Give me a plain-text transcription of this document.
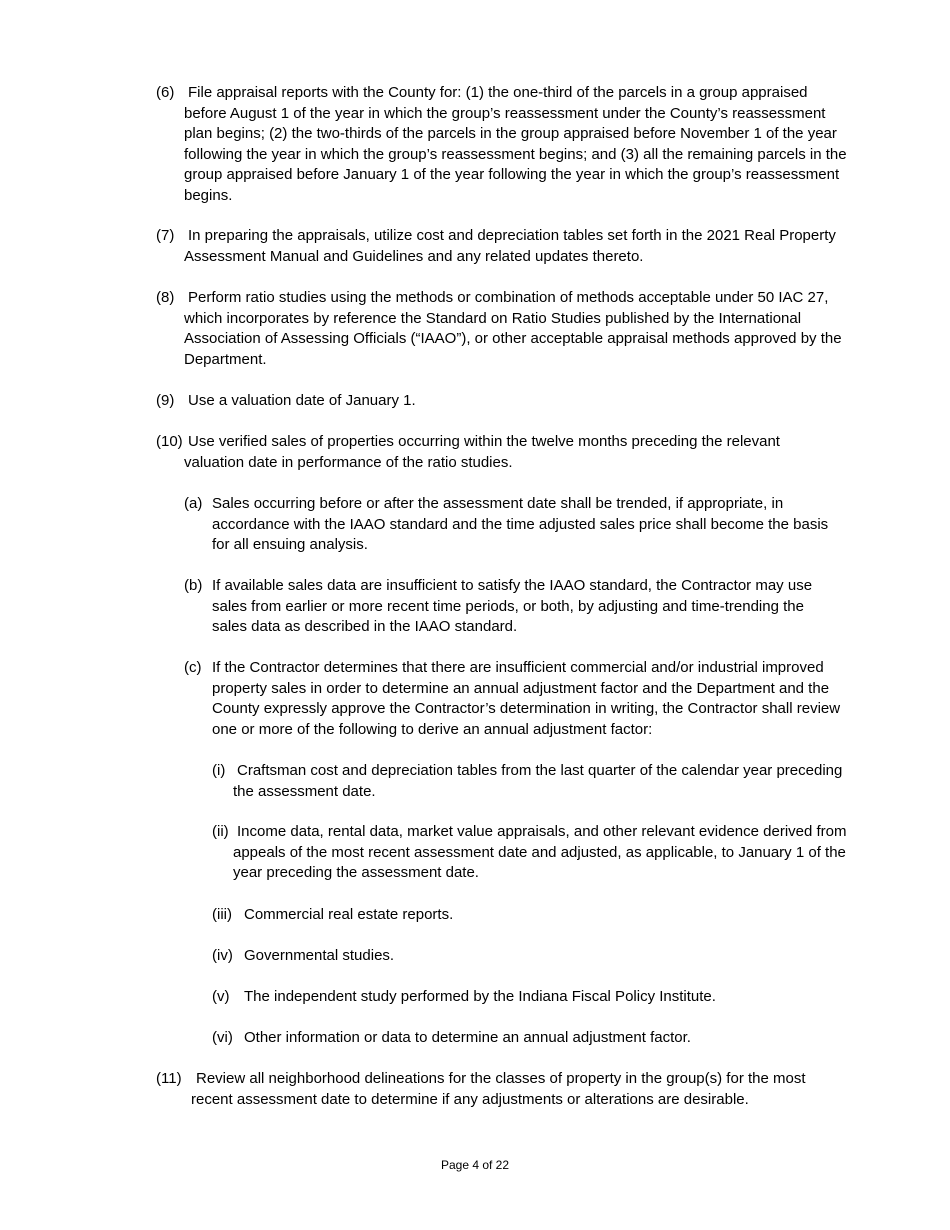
(6) File appraisal reports with the County for: (1) the one-third of the parcels in a group appraised before August 1 of the year in which the group’s reassessment under the County’s reassessment plan begins; (2) the two-thirds of the parcels in the group appraised before November 1 of the year following the year in which the group’s reassessment begins; and (3) all the remaining parcels in the group appraised before January 1 of the year following the year in which the group’s reassessment begins.
(7) In preparing the appraisals, utilize cost and depreciation tables set forth in the 2021 Real Property Assessment Manual and Guidelines and any related updates thereto.
(8) Perform ratio studies using the methods or combination of methods acceptable under 50 IAC 27, which incorporates by reference the Standard on Ratio Studies published by the International Association of Assessing Officials (“IAAO”), or other acceptable appraisal methods approved by the Department.
(9) Use a valuation date of January 1.
(10) Use verified sales of properties occurring within the twelve months preceding the relevant valuation date in performance of the ratio studies.
(a) Sales occurring before or after the assessment date shall be trended, if appropriate, in accordance with the IAAO standard and the time adjusted sales price shall become the basis for all ensuing analysis.
(b) If available sales data are insufficient to satisfy the IAAO standard, the Contractor may use sales from earlier or more recent time periods, or both, by adjusting and time-trending the sales data as described in the IAAO standard.
(c) If the Contractor determines that there are insufficient commercial and/or industrial improved property sales in order to determine an annual adjustment factor and the Department and the County expressly approve the Contractor’s determination in writing, the Contractor shall review one or more of the following to derive an annual adjustment factor:
(i) Craftsman cost and depreciation tables from the last quarter of the calendar year preceding the assessment date.
(ii) Income data, rental data, market value appraisals, and other relevant evidence derived from appeals of the most recent assessment date and adjusted, as applicable, to January 1 of the year preceding the assessment date.
(iii) Commercial real estate reports.
(iv) Governmental studies.
(v) The independent study performed by the Indiana Fiscal Policy Institute.
(vi) Other information or data to determine an annual adjustment factor.
(11) Review all neighborhood delineations for the classes of property in the group(s) for the most recent assessment date to determine if any adjustments or alterations are desirable.
Page 4 of 22
